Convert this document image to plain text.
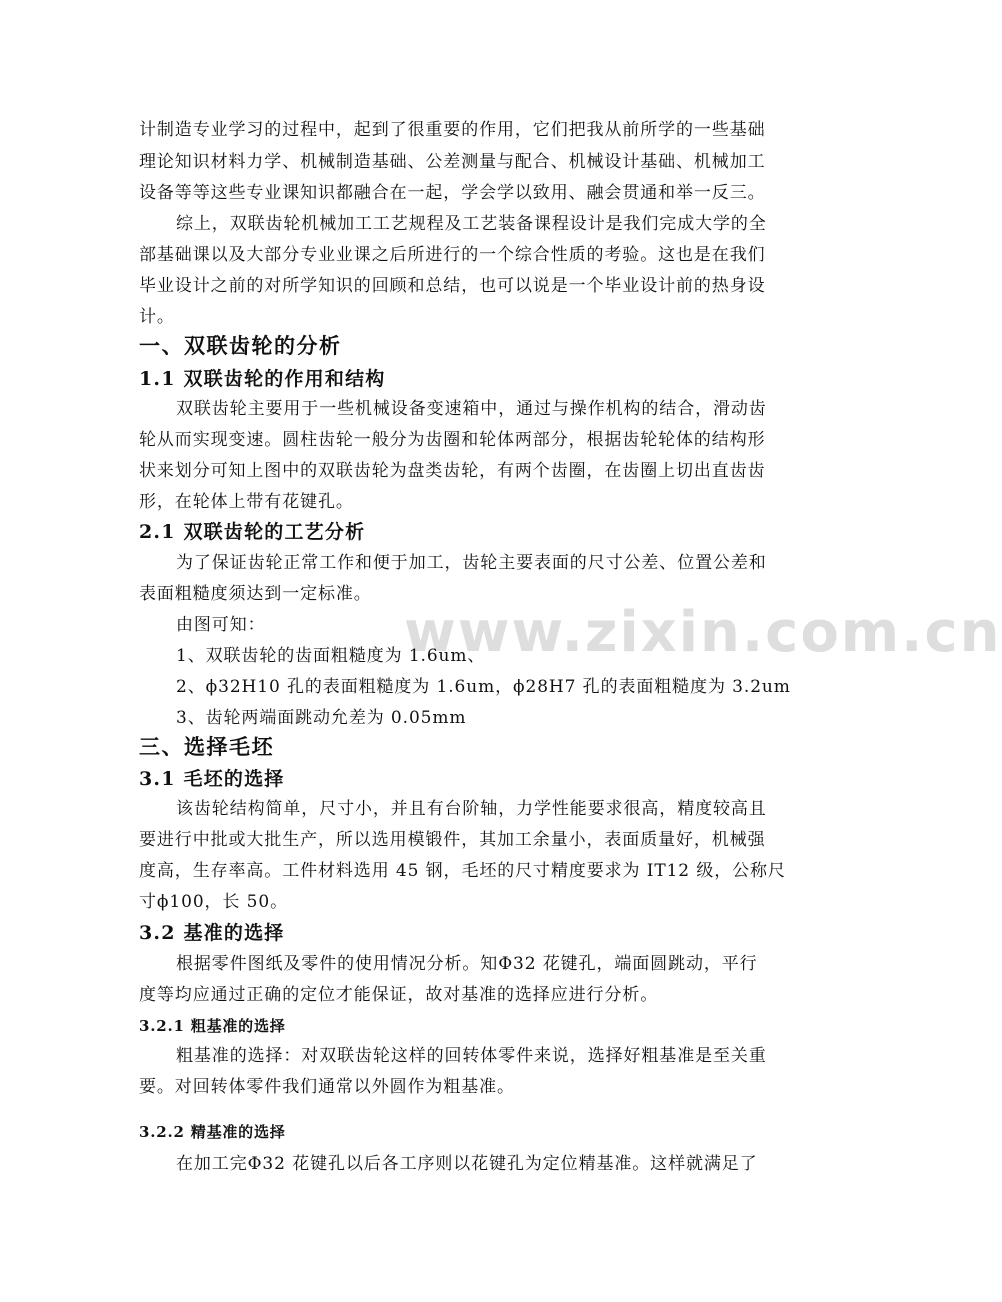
www.zixin.com.cn
计制造专业学习的过程中，起到了很重要的作用，它们把我从前所学的一些基础
理论知识材料力学、机械制造基础、公差测量与配合、机械设计基础、机械加工
设备等等这些专业课知识都融合在一起，学会学以致用、融会贯通和举一反三。
综上，双联齿轮机械加工工艺规程及工艺装备课程设计是我们完成大学的全
部基础课以及大部分专业业课之后所进行的一个综合性质的考验。这也是在我们
毕业设计之前的对所学知识的回顾和总结，也可以说是一个毕业设计前的热身设
计。
一、双联齿轮的分析
1.1 双联齿轮的作用和结构
双联齿轮主要用于一些机械设备变速箱中，通过与操作机构的结合，滑动齿
轮从而实现变速。圆柱齿轮一般分为齿圈和轮体两部分，根据齿轮轮体的结构形
状来划分可知上图中的双联齿轮为盘类齿轮，有两个齿圈，在齿圈上切出直齿齿
形，在轮体上带有花键孔。
2.1 双联齿轮的工艺分析
为了保证齿轮正常工作和便于加工，齿轮主要表面的尺寸公差、位置公差和
表面粗糙度须达到一定标准。
由图可知：
1、双联齿轮的齿面粗糙度为 1.6um、
2、ϕ32H10 孔的表面粗糙度为 1.6um，ϕ28H7 孔的表面粗糙度为 3.2um
3、齿轮两端面跳动允差为 0.05mm
三、选择毛坯
3.1 毛坯的选择
该齿轮结构简单，尺寸小，并且有台阶轴，力学性能要求很高，精度较高且
要进行中批或大批生产，所以选用模锻件，其加工余量小，表面质量好，机械强
度高，生存率高。工件材料选用 45 钢，毛坯的尺寸精度要求为 IT12 级，公称尺
寸ϕ100，长 50。
3.2 基准的选择
根据零件图纸及零件的使用情况分析。知Φ32 花键孔，端面圆跳动，平行
度等均应通过正确的定位才能保证，故对基准的选择应进行分析。
3.2.1 粗基准的选择
粗基准的选择：对双联齿轮这样的回转体零件来说，选择好粗基准是至关重
要。对回转体零件我们通常以外圆作为粗基准。
3.2.2 精基准的选择
在加工完Φ32 花键孔以后各工序则以花键孔为定位精基准。这样就满足了
